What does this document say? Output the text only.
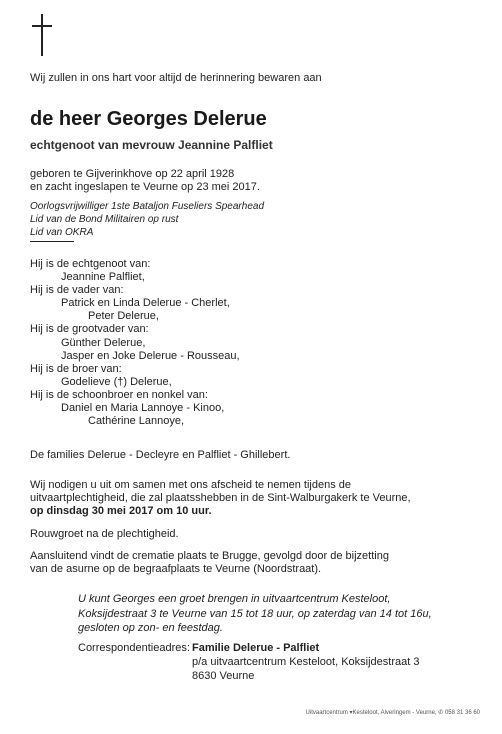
Wij zullen in ons hart voor altijd de herinnering bewaren aan
de heer Georges Delerue
echtgenoot van mevrouw Jeannine Palfliet
geboren te Gijverinkhove op 22 april 1928
en zacht ingeslapen te Veurne op 23 mei 2017.
Oorlogsvrijwilliger 1ste Bataljon Fuseliers Spearhead
Lid van de Bond Militairen op rust
Lid van OKRA
Hij is de echtgenoot van:
Jeannine Palfliet,
Hij is de vader van:
Patrick en Linda Delerue - Cherlet,
Peter Delerue,
Hij is de grootvader van:
Günther Delerue,
Jasper en Joke Delerue - Rousseau,
Hij is de broer van:
Godelieve (†) Delerue,
Hij is de schoonbroer en nonkel van:
Daniel en Maria Lannoye - Kinoo,
Cathérine Lannoye,
De families Delerue - Decleyre en Palfliet - Ghillebert.
Wij nodigen u uit om samen met ons afscheid te nemen tijdens de
uitvaartplechtigheid, die zal plaatsshebben in de Sint-Walburgakerk te Veurne,
op dinsdag 30 mei 2017 om 10 uur.
Rouwgroet na de plechtigheid.
Aansluitend vindt de crematie plaats te Brugge, gevolgd door de bijzetting
van de asurne op de begraafplaats te Veurne (Noordstraat).
U kunt Georges een groet brengen in uitvaartcentrum Kesteloot,
Koksijdestraat 3 te Veurne van 15 tot 18 uur, op zaterdag van 14 tot 16u,
gesloten op zon- en feestdag.
Correspondentieadres: Familie Delerue - Palfliet
p/a uitvaartcentrum Kesteloot, Koksijdestraat 3
8630 Veurne
Uitvaartcentrum ▾Kesteloot, Alveringem - Veurne, ✆ 058 31 36 60
